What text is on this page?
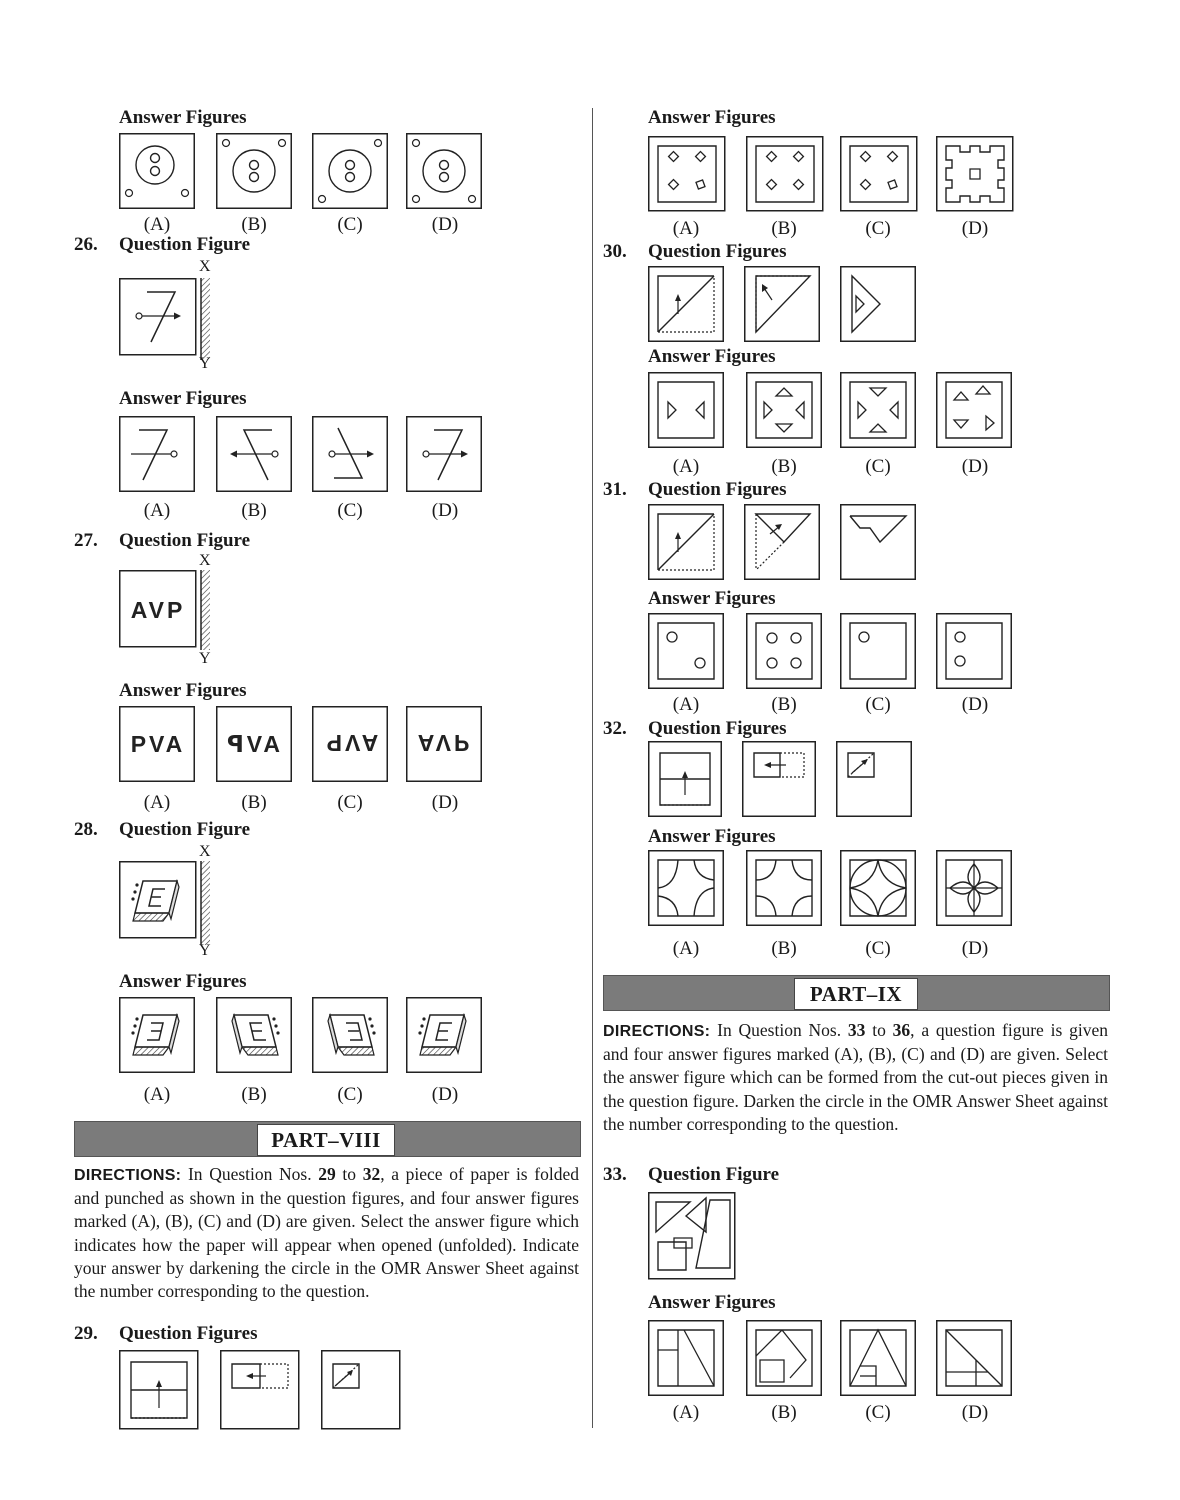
Answer Figures
(A)	(B)	(C)	(D)
26. Question Figure
X
Y
Answer Figures
(A)	(B)	(C)	(D)
27. Question Figure
X
AVP
Y
Answer Figures
PVA ꟼVA AVP AVP
(A)	(B)	(C)	(D)
28. Question Figure
X
Y
Answer Figures
(A)	(B)	(C)	(D)
PART–VIII
DIRECTIONS: In Question Nos. 29 to 32, a piece of paper is folded and punched as shown in the question figures, and four answer figures marked (A), (B), (C) and (D) are given. Select the answer figure which indicates how the paper will appear when opened (unfolded). Indicate your answer by darkening the circle in the OMR Answer Sheet against the number corresponding to the question.
29. Question Figures
Answer Figures
(A)	(B)	(C)	(D)
30. Question Figures
Answer Figures
(A)	(B)	(C)	(D)
31. Question Figures
Answer Figures
(A)	(B)	(C)	(D)
32. Question Figures
Answer Figures
(A)	(B)	(C)	(D)
PART–IX
DIRECTIONS: In Question Nos. 33 to 36, a question figure is given and four answer figures marked (A), (B), (C) and (D) are given. Select the answer figure which can be formed from the cut-out pieces given in the question figure. Darken the circle in the OMR Answer Sheet against the number corresponding to the question.
33. Question Figure
Answer Figures
(A)	(B)	(C)	(D)
